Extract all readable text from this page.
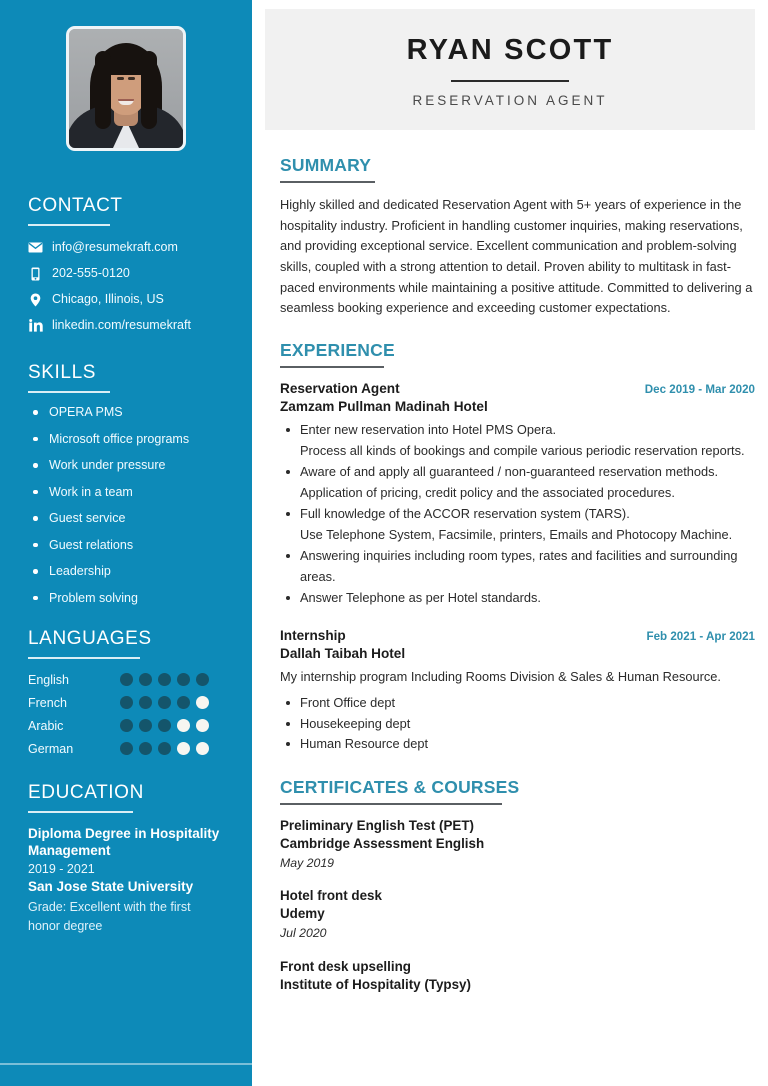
CONTACT
info@resumekraft.com
202-555-0120
Chicago, Illinois, US
linkedin.com/resumekraft
SKILLS
OPERA PMS
Microsoft office programs
Work under pressure
Work in a team
Guest service
Guest relations
Leadership
Problem solving
LANGUAGES
English
French
Arabic
German
EDUCATION
Diploma Degree in Hospitality Management
2019 - 2021
San Jose State University
Grade: Excellent with the first honor degree
RYAN SCOTT
RESERVATION AGENT
SUMMARY

Highly skilled and dedicated Reservation Agent with 5+ years of experience in the hospitality industry. Proficient in handling customer inquiries, making reservations, and providing exceptional service. Excellent communication and problem-solving skills, coupled with a strong attention to detail. Proven ability to multitask in fast-paced environments while maintaining a positive attitude. Committed to delivering a seamless booking experience and exceeding customer expectations.

EXPERIENCE
Reservation Agent	Dec 2019 - Mar 2020
Zamzam Pullman Madinah Hotel
Enter new reservation into Hotel PMS Opera.
Process all kinds of bookings and compile various periodic reservation reports.
Aware of and apply all guaranteed / non-guaranteed reservation methods.
Application of pricing, credit policy and the associated procedures.
Full knowledge of the ACCOR reservation system (TARS).
Use Telephone System, Facsimile, printers, Emails and Photocopy Machine.
Answering inquiries including room types, rates and facilities and surrounding areas.
Answer Telephone as per Hotel standards.
Internship	Feb 2021 - Apr 2021
Dallah Taibah Hotel
My internship program Including Rooms Division & Sales & Human Resource.
Front Office dept
Housekeeping dept
Human Resource dept
CERTIFICATES & COURSES
Preliminary English Test (PET)
Cambridge Assessment English
May 2019
Hotel front desk
Udemy
Jul 2020
Front desk upselling
Institute of Hospitality (Typsy)
